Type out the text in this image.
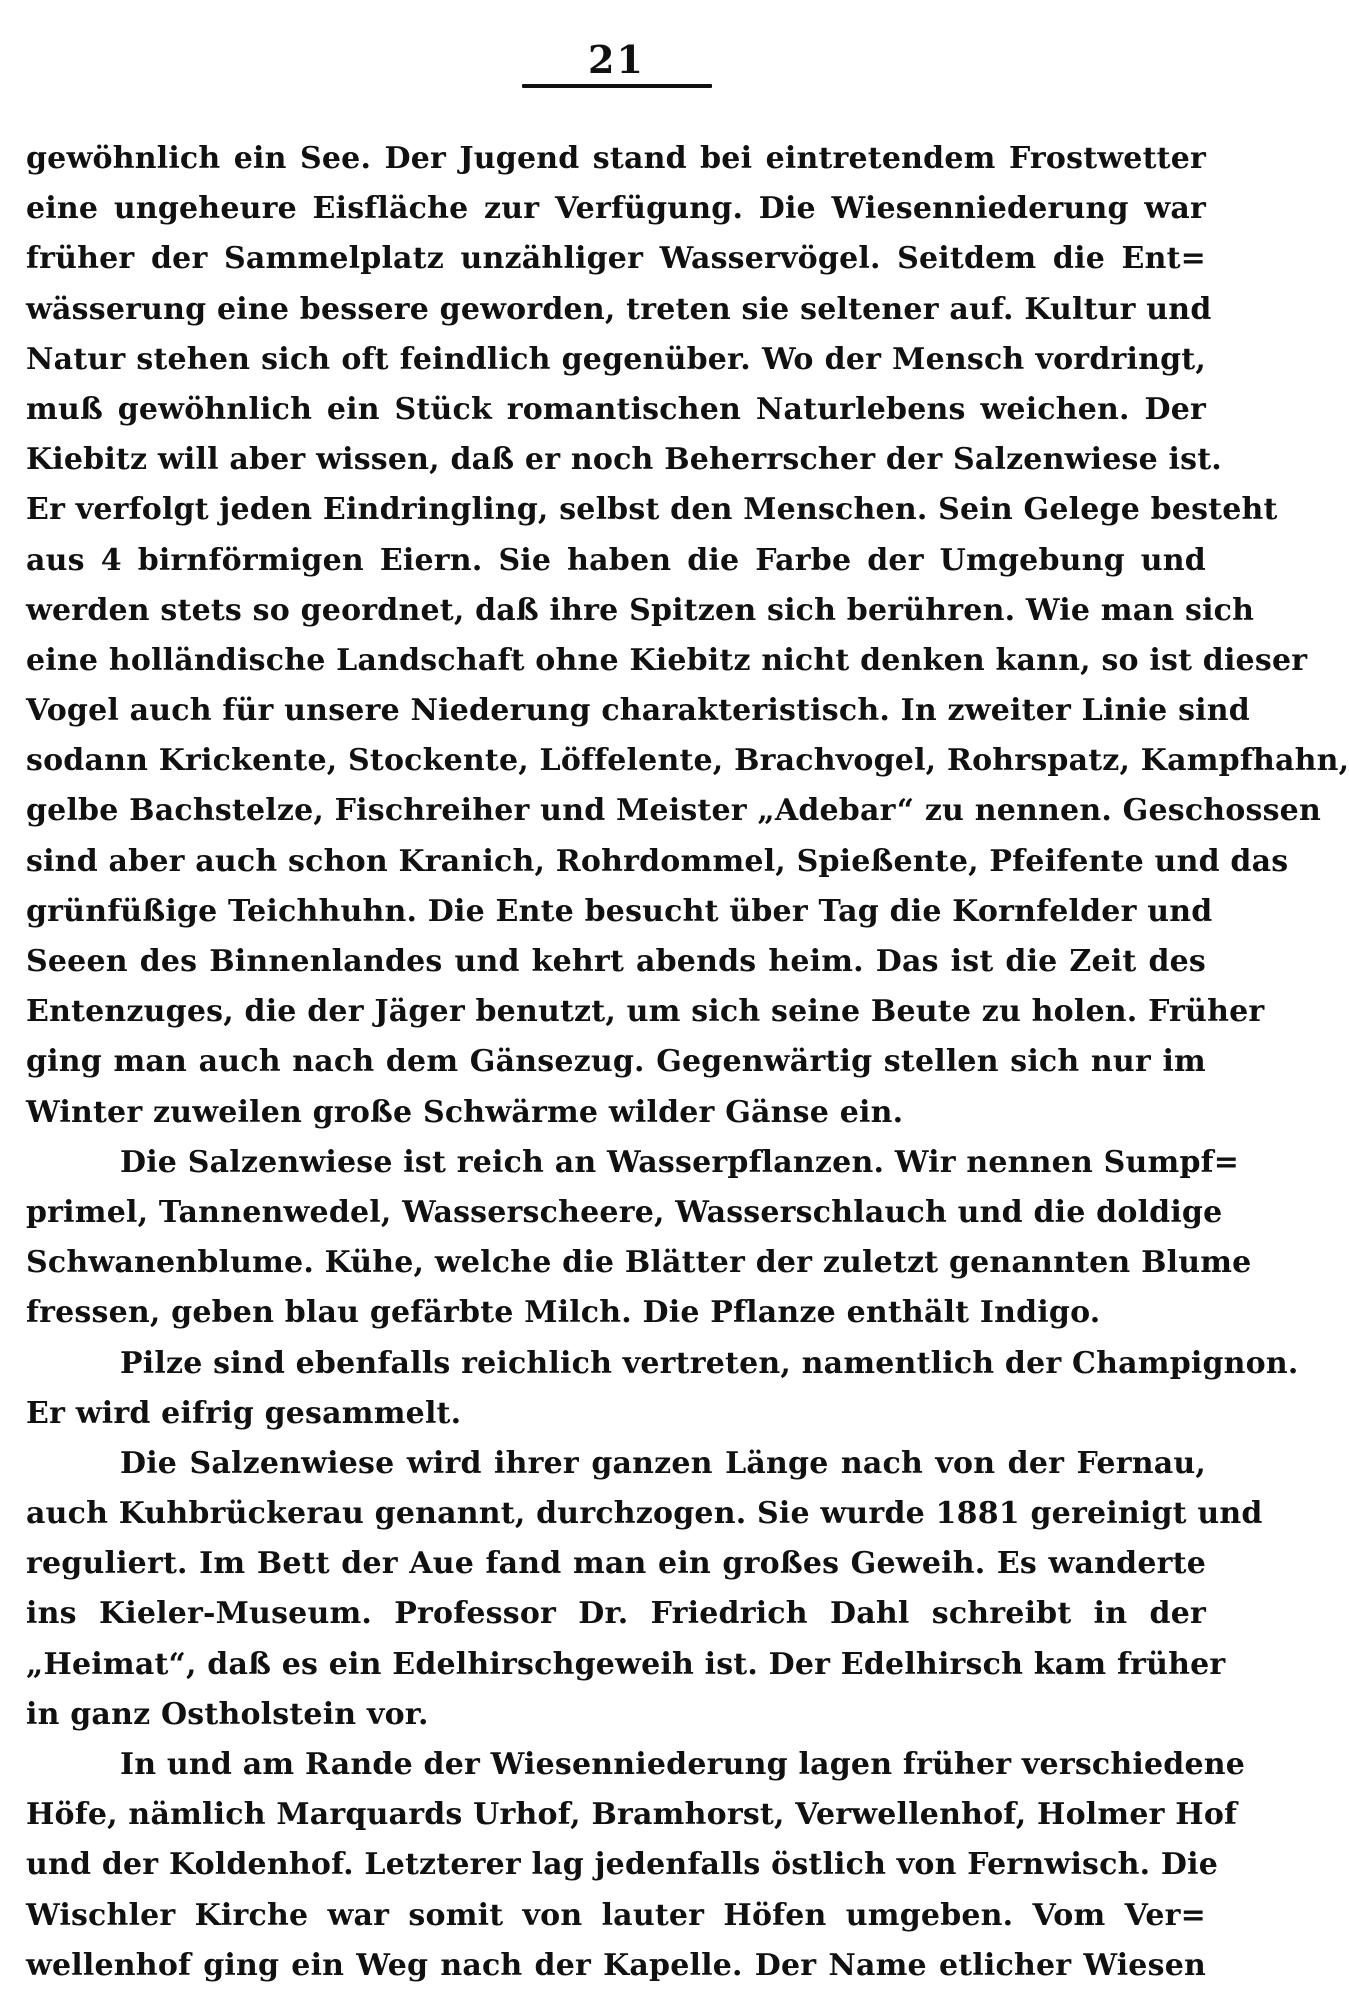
21
gewöhnlich ein See. Der Jugend stand bei eintretendem Frostwetter
eine ungeheure Eisfläche zur Verfügung. Die Wiesenniederung war
früher der Sammelplatz unzähliger Wasservögel. Seitdem die Ent=
wässerung eine bessere geworden, treten sie seltener auf. Kultur und
Natur stehen sich oft feindlich gegenüber. Wo der Mensch vordringt,
muß gewöhnlich ein Stück romantischen Naturlebens weichen. Der
Kiebitz will aber wissen, daß er noch Beherrscher der Salzenwiese ist.
Er verfolgt jeden Eindringling, selbst den Menschen. Sein Gelege besteht
aus 4 birnförmigen Eiern. Sie haben die Farbe der Umgebung und
werden stets so geordnet, daß ihre Spitzen sich berühren. Wie man sich
eine holländische Landschaft ohne Kiebitz nicht denken kann, so ist dieser
Vogel auch für unsere Niederung charakteristisch. In zweiter Linie sind
sodann Krickente, Stockente, Löffelente, Brachvogel, Rohrspatz, Kampfhahn,
gelbe Bachstelze, Fischreiher und Meister „Adebar“ zu nennen. Geschossen
sind aber auch schon Kranich, Rohrdommel, Spießente, Pfeifente und das
grünfüßige Teichhuhn. Die Ente besucht über Tag die Kornfelder und
Seeen des Binnenlandes und kehrt abends heim. Das ist die Zeit des
Entenzuges, die der Jäger benutzt, um sich seine Beute zu holen. Früher
ging man auch nach dem Gänsezug. Gegenwärtig stellen sich nur im
Winter zuweilen große Schwärme wilder Gänse ein.
Die Salzenwiese ist reich an Wasserpflanzen. Wir nennen Sumpf=
primel, Tannenwedel, Wasserscheere, Wasserschlauch und die doldige
Schwanenblume. Kühe, welche die Blätter der zuletzt genannten Blume
fressen, geben blau gefärbte Milch. Die Pflanze enthält Indigo.
Pilze sind ebenfalls reichlich vertreten, namentlich der Champignon.
Er wird eifrig gesammelt.
Die Salzenwiese wird ihrer ganzen Länge nach von der Fernau,
auch Kuhbrückerau genannt, durchzogen. Sie wurde 1881 gereinigt und
reguliert. Im Bett der Aue fand man ein großes Geweih. Es wanderte
ins Kieler-Museum. Professor Dr. Friedrich Dahl schreibt in der
„Heimat“, daß es ein Edelhirschgeweih ist. Der Edelhirsch kam früher
in ganz Ostholstein vor.
In und am Rande der Wiesenniederung lagen früher verschiedene
Höfe, nämlich Marquards Urhof, Bramhorst, Verwellenhof, Holmer Hof
und der Koldenhof. Letzterer lag jedenfalls östlich von Fernwisch. Die
Wischler Kirche war somit von lauter Höfen umgeben. Vom Ver=
wellenhof ging ein Weg nach der Kapelle. Der Name etlicher Wiesen
